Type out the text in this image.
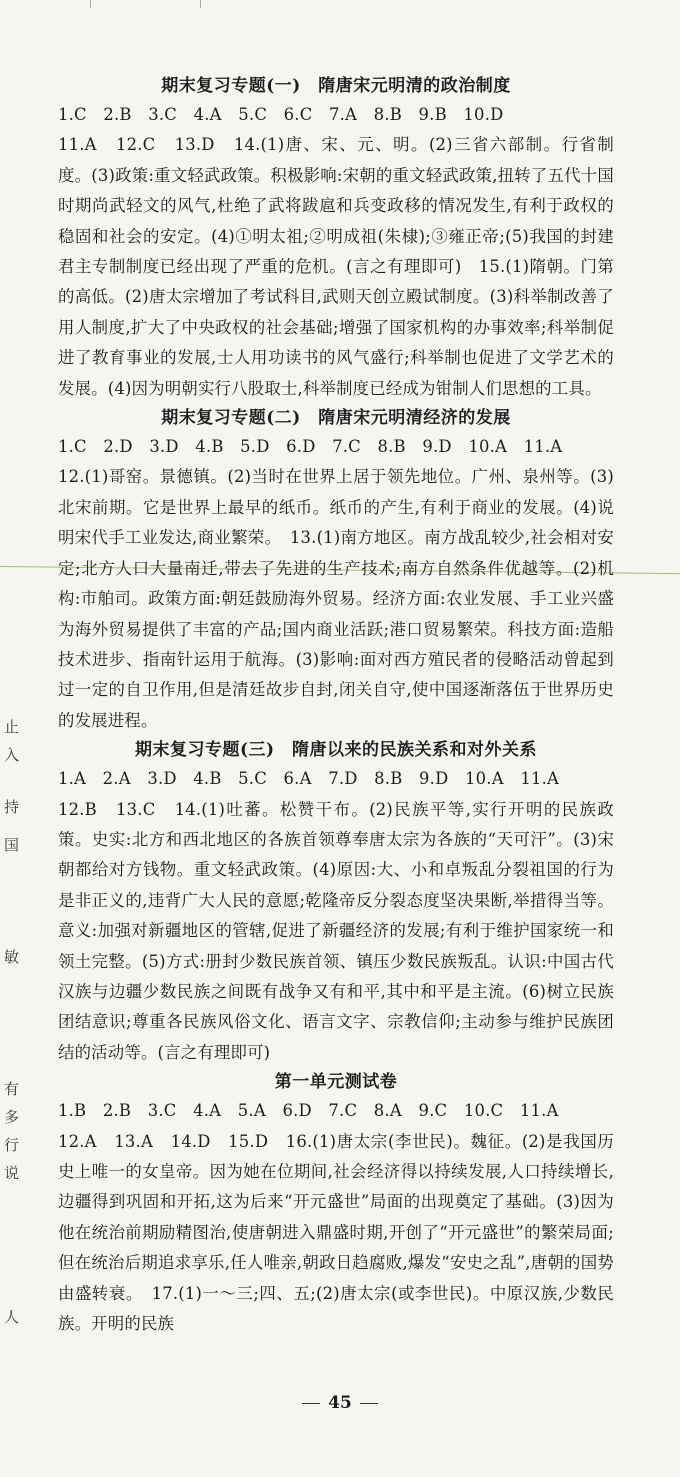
止
入
持
国
敏
有
多
行
说
人
期末复习专题(一)　隋唐宋元明清的政治制度
1.C　2.B　3.C　4.A　5.C　6.C　7.A　8.B　9.B　10.D
11.A　12.C　13.D　14.(1)唐、宋、元、明。(2)三省六部制。行省制度。(3)政策:重文轻武政策。积极影响:宋朝的重文轻武政策,扭转了五代十国时期尚武轻文的风气,杜绝了武将跋扈和兵变政移的情况发生,有利于政权的稳固和社会的安定。(4)①明太祖;②明成祖(朱棣);③雍正帝;(5)我国的封建君主专制制度已经出现了严重的危机。(言之有理即可)　15.(1)隋朝。门第的高低。(2)唐太宗增加了考试科目,武则天创立殿试制度。(3)科举制改善了用人制度,扩大了中央政权的社会基础;增强了国家机构的办事效率;科举制促进了教育事业的发展,士人用功读书的风气盛行;科举制也促进了文学艺术的发展。(4)因为明朝实行八股取士,科举制度已经成为钳制人们思想的工具。
期末复习专题(二)　隋唐宋元明清经济的发展
1.C　2.D　3.D　4.B　5.D　6.D　7.C　8.B　9.D　10.A　11.A
12.(1)哥窑。景德镇。(2)当时在世界上居于领先地位。广州、泉州等。(3)北宋前期。它是世界上最早的纸币。纸币的产生,有利于商业的发展。(4)说明宋代手工业发达,商业繁荣。　13.(1)南方地区。南方战乱较少,社会相对安定;北方人口大量南迁,带去了先进的生产技术;南方自然条件优越等。(2)机构:市舶司。政策方面:朝廷鼓励海外贸易。经济方面:农业发展、手工业兴盛为海外贸易提供了丰富的产品;国内商业活跃;港口贸易繁荣。科技方面:造船技术进步、指南针运用于航海。(3)影响:面对西方殖民者的侵略活动曾起到过一定的自卫作用,但是清廷故步自封,闭关自守,使中国逐渐落伍于世界历史的发展进程。
期末复习专题(三)　隋唐以来的民族关系和对外关系
1.A　2.A　3.D　4.B　5.C　6.A　7.D　8.B　9.D　10.A　11.A
12.B　13.C　14.(1)吐蕃。松赞干布。(2)民族平等,实行开明的民族政策。史实:北方和西北地区的各族首领尊奉唐太宗为各族的“天可汗”。(3)宋朝都给对方钱物。重文轻武政策。(4)原因:大、小和卓叛乱分裂祖国的行为是非正义的,违背广大人民的意愿;乾隆帝反分裂态度坚决果断,举措得当等。意义:加强对新疆地区的管辖,促进了新疆经济的发展;有利于维护国家统一和领土完整。(5)方式:册封少数民族首领、镇压少数民族叛乱。认识:中国古代汉族与边疆少数民族之间既有战争又有和平,其中和平是主流。(6)树立民族团结意识;尊重各民族风俗文化、语言文字、宗教信仰;主动参与维护民族团结的活动等。(言之有理即可)
第一单元测试卷
1.B　2.B　3.C　4.A　5.A　6.D　7.C　8.A　9.C　10.C　11.A
12.A　13.A　14.D　15.D　16.(1)唐太宗(李世民)。魏征。(2)是我国历史上唯一的女皇帝。因为她在位期间,社会经济得以持续发展,人口持续增长,边疆得到巩固和开拓,这为后来“开元盛世”局面的出现奠定了基础。(3)因为他在统治前期励精图治,使唐朝进入鼎盛时期,开创了“开元盛世”的繁荣局面;但在统治后期追求享乐,任人唯亲,朝政日趋腐败,爆发“安史之乱”,唐朝的国势由盛转衰。　17.(1)一～三;四、五;(2)唐太宗(或李世民)。中原汉族,少数民族。开明的民族
45
